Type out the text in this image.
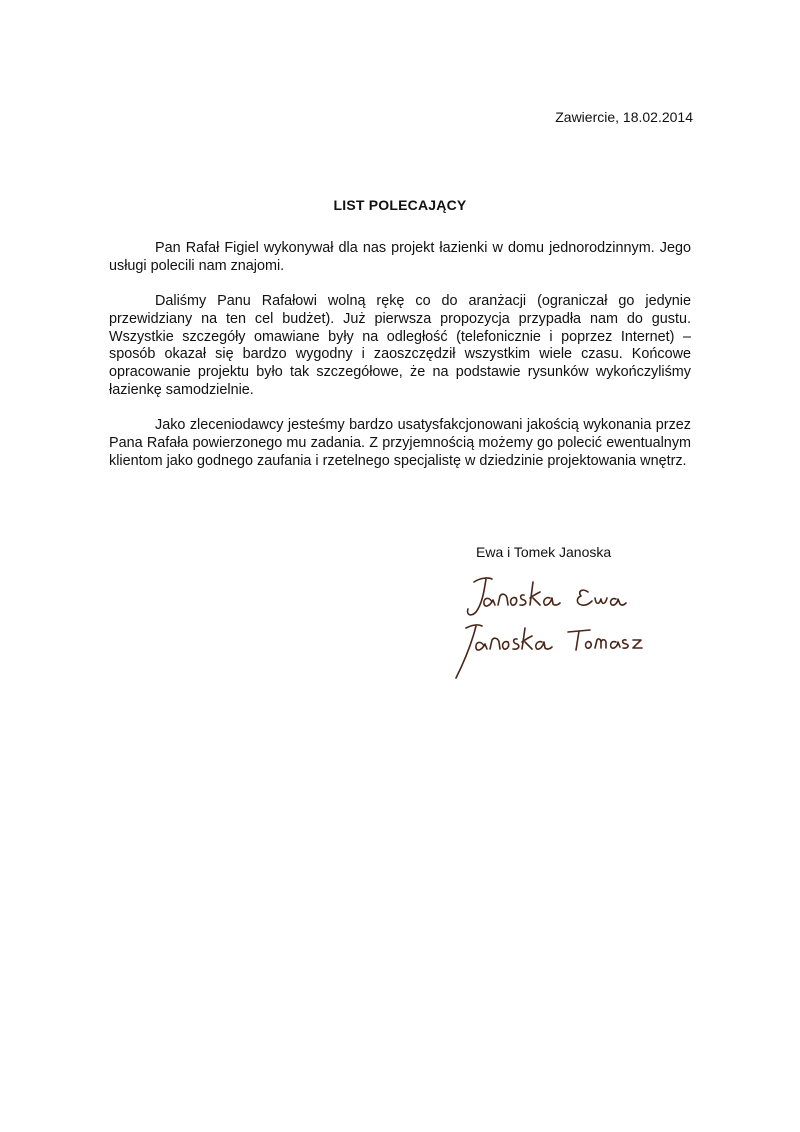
Zawiercie, 18.02.2014
LIST POLECAJĄCY

Pan Rafał Figiel wykonywał dla nas projekt łazienki w domu jednorodzinnym. Jego usługi polecili nam znajomi.

Daliśmy Panu Rafałowi wolną rękę co do aranżacji (ograniczał go jedynie przewidziany na ten cel budżet). Już pierwsza propozycja przypadła nam do gustu. Wszystkie szczegóły omawiane były na odległość (telefonicznie i poprzez Internet) – sposób okazał się bardzo wygodny i zaoszczędził wszystkim wiele czasu. Końcowe opracowanie projektu było tak szczegółowe, że na podstawie rysunków wykończyliśmy łazienkę samodzielnie.

Jako zleceniodawcy jesteśmy bardzo usatysfakcjonowani jakością wykonania przez Pana Rafała powierzonego mu zadania. Z przyjemnością możemy go polecić ewentualnym klientom jako godnego zaufania i rzetelnego specjalistę w dziedzinie projektowania wnętrz.

Ewa i Tomek Janoska
